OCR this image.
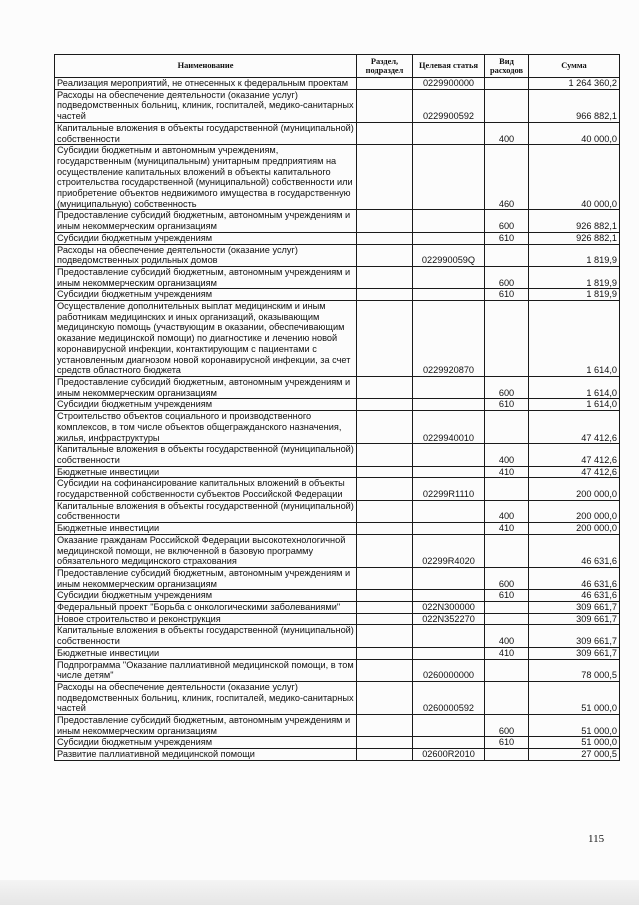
Наименование	Раздел, подраздел	Целевая статья	Вид расходов	Сумма
Реализация мероприятий, не отнесенных к федеральным проектам		0229900000		1 264 360,2
Расходы на обеспечение деятельности (оказание услуг) подведомственных больниц, клиник, госпиталей, медико-санитарных частей		0229900592		966 882,1
Капитальные вложения в объекты государственной (муниципальной) собственности			400	40 000,0
Субсидии бюджетным и автономным учреждениям, государственным (муниципальным) унитарным предприятиям на осуществление капитальных вложений в объекты капитального строительства государственной (муниципальной) собственности или приобретение объектов недвижимого имущества в государственную (муниципальную) собственность			460	40 000,0
Предоставление субсидий бюджетным, автономным учреждениям и иным некоммерческим организациям			600	926 882,1
Субсидии бюджетным учреждениям			610	926 882,1
Расходы на обеспечение деятельности (оказание услуг) подведомственных родильных домов		022990059Q		1 819,9
Предоставление субсидий бюджетным, автономным учреждениям и иным некоммерческим организациям			600	1 819,9
Субсидии бюджетным учреждениям			610	1 819,9
Осуществление дополнительных выплат медицинским и иным работникам медицинских и иных организаций, оказывающим медицинскую помощь (участвующим в оказании, обеспечивающим оказание медицинской помощи) по диагностике и лечению новой коронавирусной инфекции, контактирующим с пациентами с установленным диагнозом новой коронавирусной инфекции, за счет средств областного бюджета		0229920870		1 614,0
Предоставление субсидий бюджетным, автономным учреждениям и иным некоммерческим организациям			600	1 614,0
Субсидии бюджетным учреждениям			610	1 614,0
Строительство объектов социального и производственного комплексов, в том числе объектов общегражданского назначения, жилья, инфраструктуры		0229940010		47 412,6
Капитальные вложения в объекты государственной (муниципальной) собственности			400	47 412,6
Бюджетные инвестиции			410	47 412,6
Субсидии на софинансирование капитальных вложений в объекты государственной собственности субъектов Российской Федерации		02299R1110		200 000,0
Капитальные вложения в объекты государственной (муниципальной) собственности			400	200 000,0
Бюджетные инвестиции			410	200 000,0
Оказание гражданам Российской Федерации высокотехнологичной медицинской помощи, не включенной в базовую программу обязательного медицинского страхования		02299R4020		46 631,6
Предоставление субсидий бюджетным, автономным учреждениям и иным некоммерческим организациям			600	46 631,6
Субсидии бюджетным учреждениям			610	46 631,6
Федеральный проект "Борьба с онкологическими заболеваниями"		022N300000		309 661,7
Новое строительство и реконструкция		022N352270		309 661,7
Капитальные вложения в объекты государственной (муниципальной) собственности			400	309 661,7
Бюджетные инвестиции			410	309 661,7
Подпрограмма "Оказание паллиативной медицинской помощи, в том числе детям"		0260000000		78 000,5
Расходы на обеспечение деятельности (оказание услуг) подведомственных больниц, клиник, госпиталей, медико-санитарных частей		0260000592		51 000,0
Предоставление субсидий бюджетным, автономным учреждениям и иным некоммерческим организациям			600	51 000,0
Субсидии бюджетным учреждениям			610	51 000,0
Развитие паллиативной медицинской помощи		02600R2010		27 000,5
115
